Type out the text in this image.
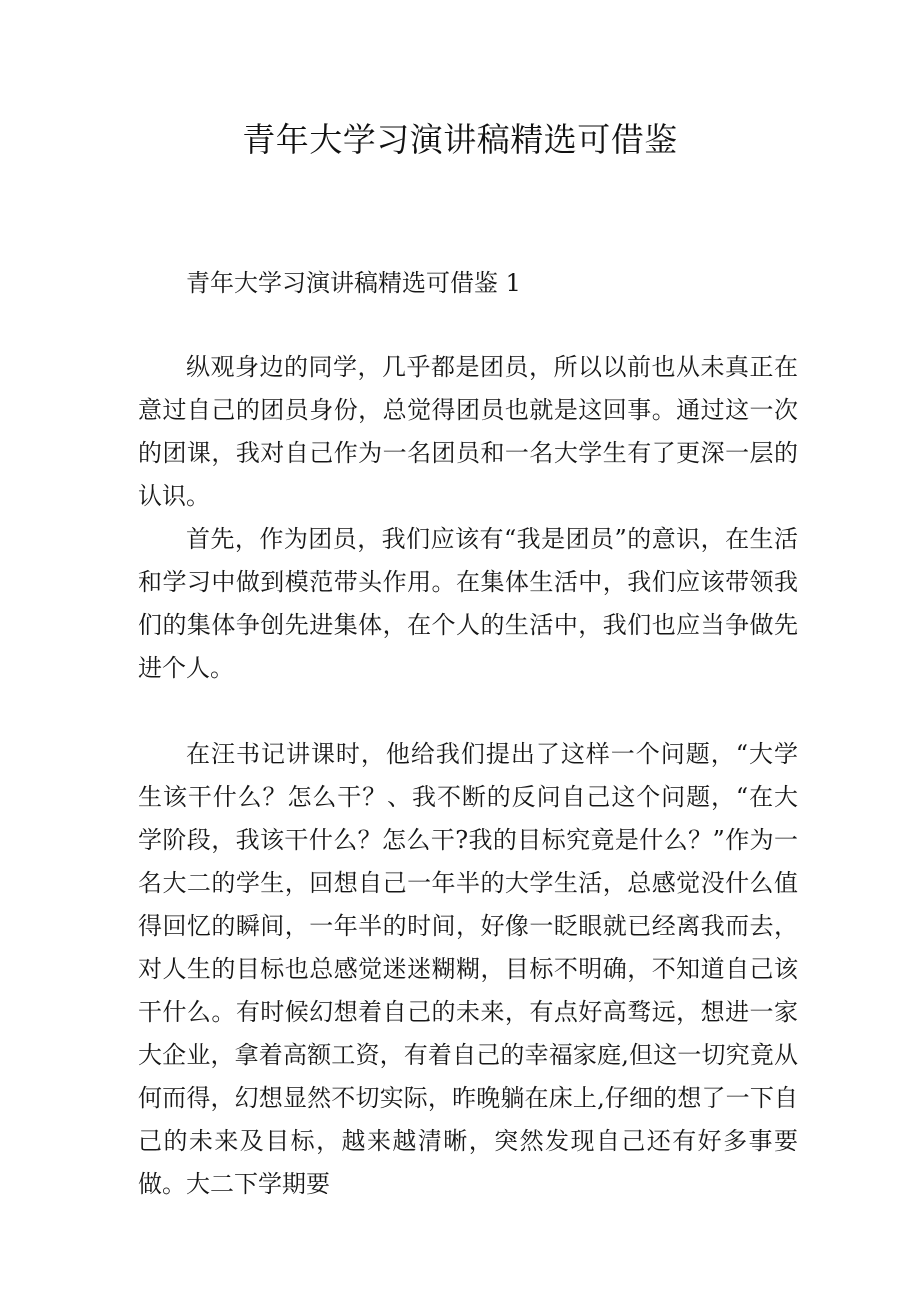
青年大学习演讲稿精选可借鉴

青年大学习演讲稿精选可借鉴 1

纵观身边的同学，几乎都是团员，所以以前也从未真正在意过自己的团员身份，总觉得团员也就是这回事。通过这一次的团课，我对自己作为一名团员和一名大学生有了更深一层的认识。

首先，作为团员，我们应该有“我是团员”的意识，在生活和学习中做到模范带头作用。在集体生活中，我们应该带领我们的集体争创先进集体，在个人的生活中，我们也应当争做先进个人。

在汪书记讲课时，他给我们提出了这样一个问题，“大学生该干什么？怎么干？、我不断的反问自己这个问题，“在大学阶段，我该干什么？怎么干?我的目标究竟是什么？”作为一名大二的学生，回想自己一年半的大学生活，总感觉没什么值得回忆的瞬间，一年半的时间，好像一眨眼就已经离我而去，对人生的目标也总感觉迷迷糊糊，目标不明确，不知道自己该干什么。有时候幻想着自己的未来，有点好高骛远，想进一家大企业，拿着高额工资，有着自己的幸福家庭,但这一切究竟从何而得，幻想显然不切实际，昨晚躺在床上,仔细的想了一下自己的未来及目标，越来越清晰，突然发现自己还有好多事要做。大二下学期要
